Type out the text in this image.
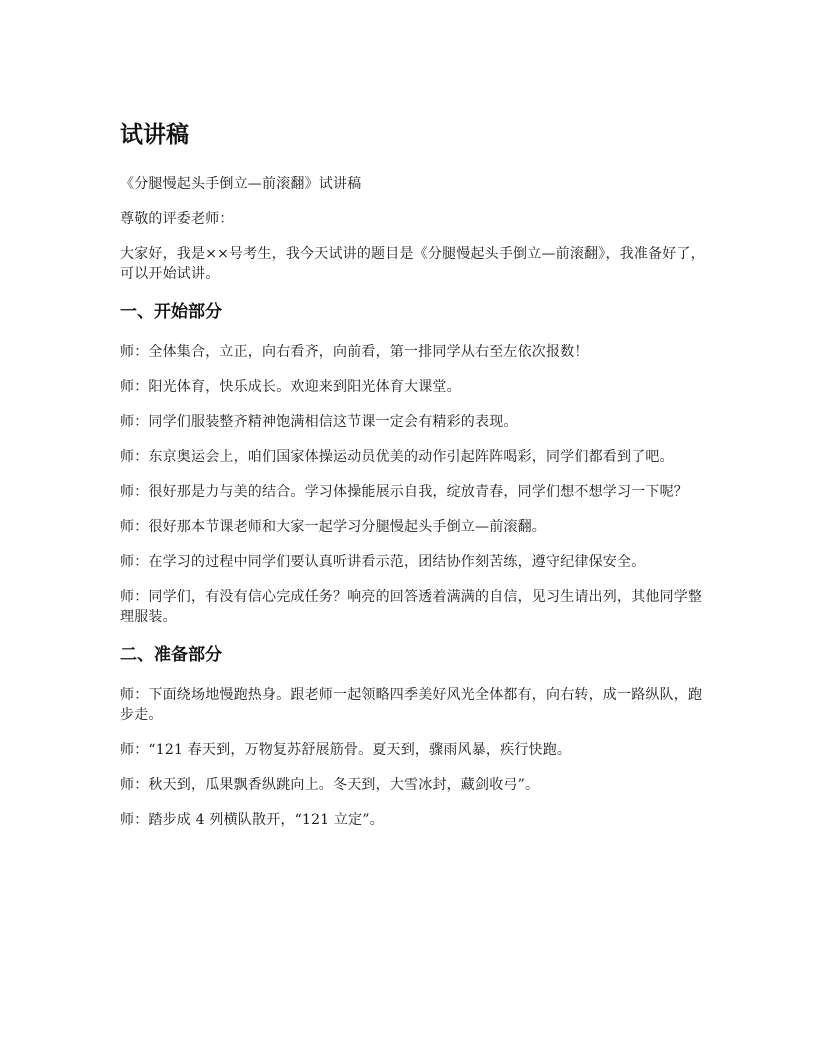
试讲稿

《分腿慢起头手倒立—前滚翻》试讲稿

尊敬的评委老师：

大家好，我是××号考生，我今天试讲的题目是《分腿慢起头手倒立—前滚翻》，我准备好了，可以开始试讲。

一、开始部分

师：全体集合，立正，向右看齐，向前看，第一排同学从右至左依次报数！

师：阳光体育，快乐成长。欢迎来到阳光体育大课堂。

师：同学们服装整齐精神饱满相信这节课一定会有精彩的表现。

师：东京奥运会上，咱们国家体操运动员优美的动作引起阵阵喝彩，同学们都看到了吧。

师：很好那是力与美的结合。学习体操能展示自我，绽放青春，同学们想不想学习一下呢？

师：很好那本节课老师和大家一起学习分腿慢起头手倒立—前滚翻。

师：在学习的过程中同学们要认真听讲看示范，团结协作刻苦练，遵守纪律保安全。

师：同学们，有没有信心完成任务？响亮的回答透着满满的自信，见习生请出列，其他同学整理服装。

二、准备部分

师：下面绕场地慢跑热身。跟老师一起领略四季美好风光全体都有，向右转，成一路纵队，跑步走。

师：“121 春天到，万物复苏舒展筋骨。夏天到，骤雨风暴，疾行快跑。

师：秋天到，瓜果飘香纵跳向上。冬天到，大雪冰封，藏剑收弓”。

师：踏步成 4 列横队散开，“121 立定”。
